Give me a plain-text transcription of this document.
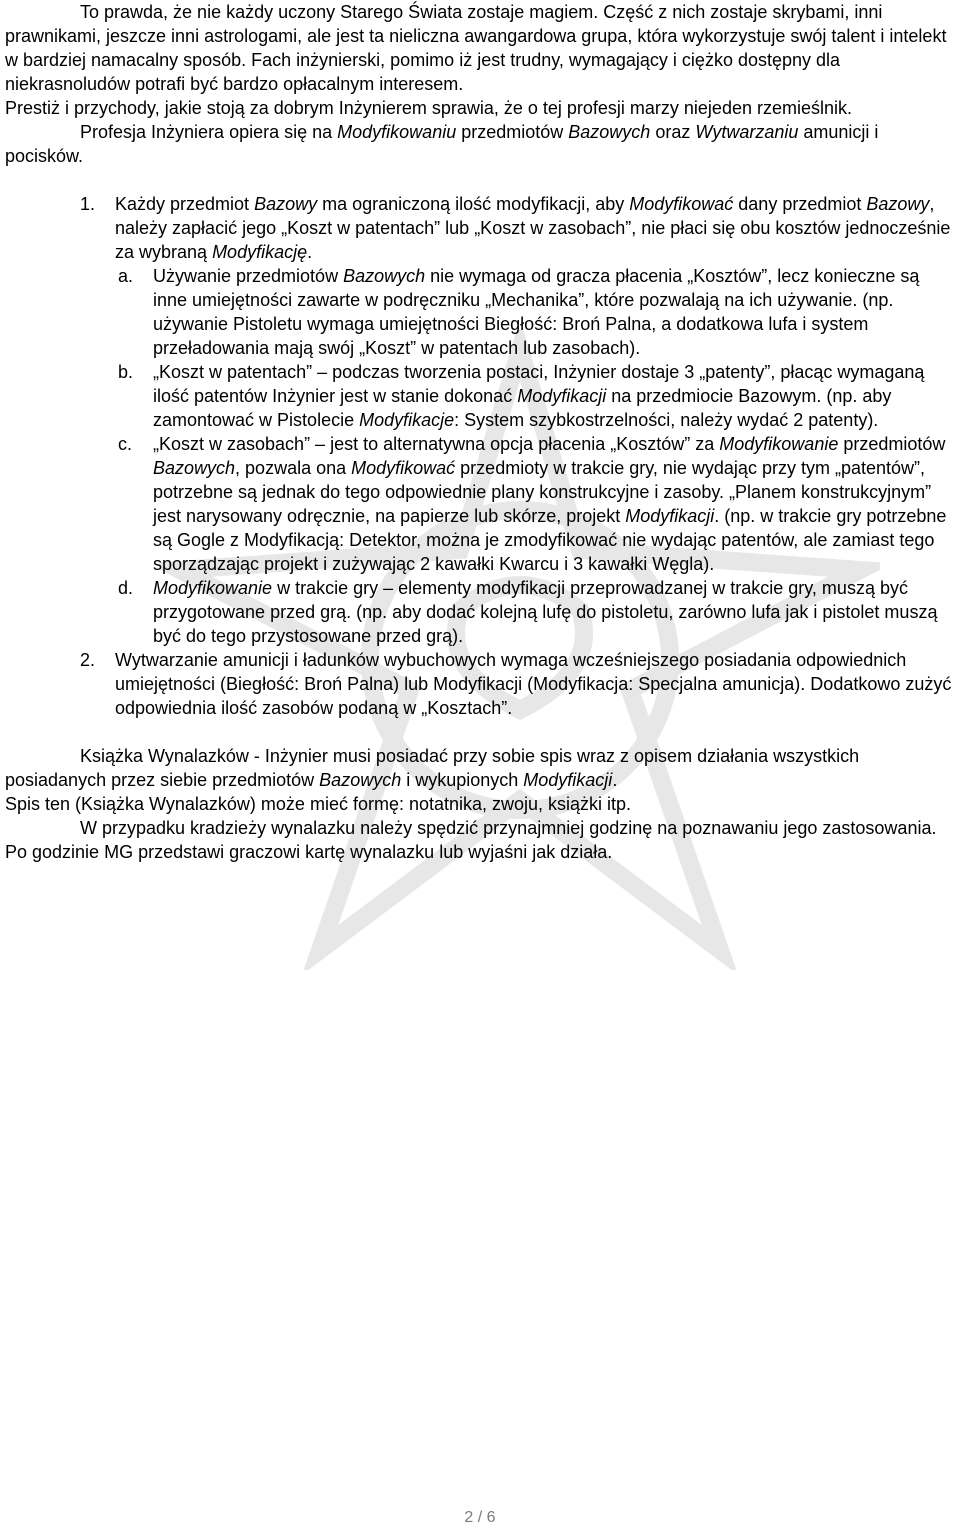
To prawda, że nie każdy uczony Starego Świata zostaje magiem. Część z nich zostaje skrybami, inni prawnikami, jeszcze inni astrologami, ale jest ta nieliczna awangardowa grupa, która wykorzystuje swój talent i intelekt w bardziej namacalny sposób. Fach inżynierski, pomimo iż jest trudny, wymagający i ciężko dostępny dla niekrasnoludów potrafi być bardzo opłacalnym interesem.

Prestiż i przychody, jakie stoją za dobrym Inżynierem sprawia, że o tej profesji marzy niejeden rzemieślnik.

Profesja Inżyniera opiera się na Modyfikowaniu przedmiotów Bazowych oraz Wytwarzaniu amunicji i pocisków.

1. Każdy przedmiot Bazowy ma ograniczoną ilość modyfikacji, aby Modyfikować dany przedmiot Bazowy, należy zapłacić jego „Koszt w patentach” lub „Koszt w zasobach”, nie płaci się obu kosztów jednocześnie za wybraną Modyfikację.

a. Używanie przedmiotów Bazowych nie wymaga od gracza płacenia „Kosztów”, lecz konieczne są inne umiejętności zawarte w podręczniku „Mechanika”, które pozwalają na ich używanie. (np. używanie Pistoletu wymaga umiejętności Biegłość: Broń Palna, a dodatkowa lufa i system przeładowania mają swój „Koszt” w patentach lub zasobach).

b. „Koszt w patentach” – podczas tworzenia postaci, Inżynier dostaje 3 „patenty”, płacąc wymaganą ilość patentów Inżynier jest w stanie dokonać Modyfikacji na przedmiocie Bazowym. (np. aby zamontować w Pistolecie Modyfikacje: System szybkostrzelności, należy wydać 2 patenty).

c. „Koszt w zasobach” – jest to alternatywna opcja płacenia „Kosztów” za Modyfikowanie przedmiotów Bazowych, pozwala ona Modyfikować przedmioty w trakcie gry, nie wydając przy tym „patentów”, potrzebne są jednak do tego odpowiednie plany konstrukcyjne i zasoby. „Planem konstrukcyjnym” jest narysowany odręcznie, na papierze lub skórze, projekt Modyfikacji. (np. w trakcie gry potrzebne są Gogle z Modyfikacją: Detektor, można je zmodyfikować nie wydając patentów, ale zamiast tego sporządzając projekt i zużywając 2 kawałki Kwarcu i 3 kawałki Węgla).

d. Modyfikowanie w trakcie gry – elementy modyfikacji przeprowadzanej w trakcie gry, muszą być przygotowane przed grą. (np. aby dodać kolejną lufę do pistoletu, zarówno lufa jak i pistolet muszą być do tego przystosowane przed grą).

2. Wytwarzanie amunicji i ładunków wybuchowych wymaga wcześniejszego posiadania odpowiednich umiejętności (Biegłość: Broń Palna) lub Modyfikacji (Modyfikacja: Specjalna amunicja). Dodatkowo zużyć odpowiednia ilość zasobów podaną w „Kosztach”.

Książka Wynalazków - Inżynier musi posiadać przy sobie spis wraz z opisem działania wszystkich posiadanych przez siebie przedmiotów Bazowych i wykupionych Modyfikacji.

Spis ten (Książka Wynalazków) może mieć formę: notatnika, zwoju, książki itp.

W przypadku kradzieży wynalazku należy spędzić przynajmniej godzinę na poznawaniu jego zastosowania. Po godzinie MG przedstawi graczowi kartę wynalazku lub wyjaśni jak działa.

2 / 6
